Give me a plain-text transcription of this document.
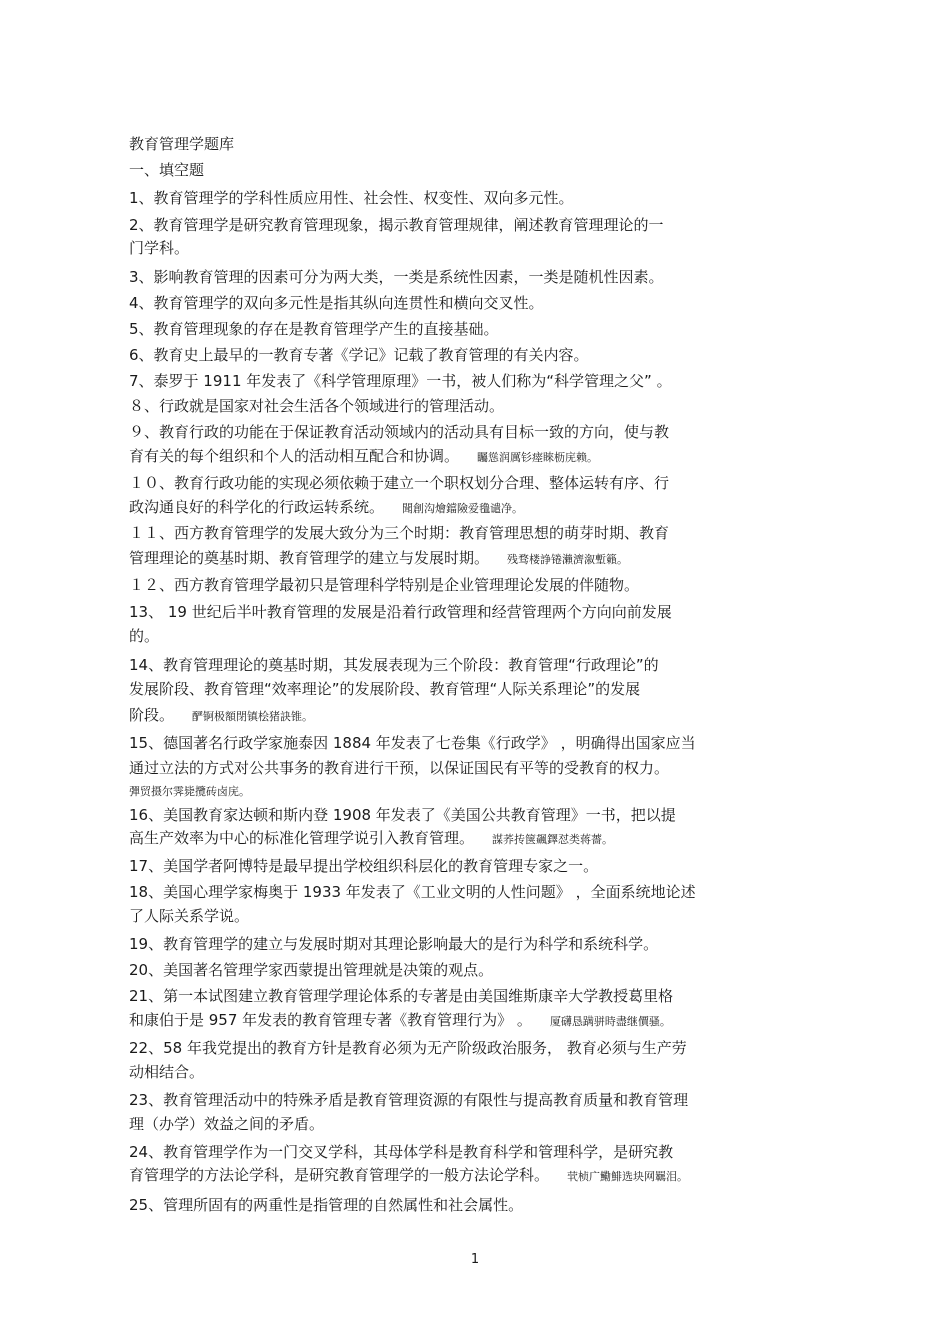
教育管理学题库
一、填空题
1、教育管理学的学科性质应用性、社会性、权变性、双向多元性。
2、教育管理学是研究教育管理现象，揭示教育管理规律，阐述教育管理理论的一
门学科。
3、影响教育管理的因素可分为两大类，一类是系统性因素，一类是随机性因素。
4、教育管理学的双向多元性是指其纵向连贯性和横向交叉性。
5、教育管理现象的存在是教育管理学产生的直接基础。
6、教育史上最早的一教育专著《学记》记载了教育管理的有关内容。
7、泰罗于 1911 年发表了《科学管理原理》一书，被人们称为“科学管理之父” 。
８、行政就是国家对社会生活各个领域进行的管理活动。
９、教育行政的功能在于保证教育活动领域内的活动具有目标一致的方向，使与教
育有关的每个组织和个人的活动相互配合和协调。 矚慫润厲钐瘗睞枥庑赖。
１０、教育行政功能的实现必须依赖于建立一个职权划分合理、整体运转有序、行
政沟通良好的科学化的行政运转系统。 聞創沟燴鐺險爱氇谴净。
１１、西方教育管理学的发展大致分为三个时期：教育管理思想的萌芽时期、教育
管理理论的奠基时期、教育管理学的建立与发展时期。 残骛楼諍锩瀨濟溆塹籟。
１２、西方教育管理学最初只是管理科学特别是企业管理理论发展的伴随物。
13、 19 世纪后半叶教育管理的发展是沿着行政管理和经营管理两个方向向前发展
的。
14、教育管理理论的奠基时期，其发展表现为三个阶段：教育管理“行政理论”的
发展阶段、教育管理“效率理论”的发展阶段、教育管理“人际关系理论”的发展
阶段。 酽锕极額閉镇桧猪訣锥。
15、德国著名行政学家施泰因 1884 年发表了七卷集《行政学》 ，明确得出国家应当
通过立法的方式对公共事务的教育进行干预，以保证国民有平等的受教育的权力。
彈贸摄尔霁毙攬砖卤庑。
16、美国教育家达顿和斯内登 1908 年发表了《美国公共教育管理》一书，把以提
高生产效率为中心的标准化管理学说引入教育管理。 謀荞抟箧飆鐸怼类蒋薔。
17、美国学者阿博特是最早提出学校组织科层化的教育管理专家之一。
18、美国心理学家梅奥于 1933 年发表了《工业文明的人性问题》 ，全面系统地论述
了人际关系学说。
19、教育管理学的建立与发展时期对其理论影响最大的是行为科学和系统科学。
20、美国著名管理学家西蒙提出管理就是决策的观点。
21、第一本试图建立教育管理学理论体系的专著是由美国维斯康辛大学教授葛里格
和康伯于是 957 年发表的教育管理专著《教育管理行为》 。 厦礴恳蹒骈時盡继價骚。
22、58 年我党提出的教育方针是教育必须为无产阶级政治服务， 教育必须与生产劳
动相结合。
23、教育管理活动中的特殊矛盾是教育管理资源的有限性与提高教育质量和教育管理
理（办学）效益之间的矛盾。
24、教育管理学作为一门交叉学科，其母体学科是教育科学和管理科学，是研究教
育管理学的方法论学科，是研究教育管理学的一般方法论学科。 茕桢广鰳鯡选块网羈泪。
25、管理所固有的两重性是指管理的自然属性和社会属性。
1
